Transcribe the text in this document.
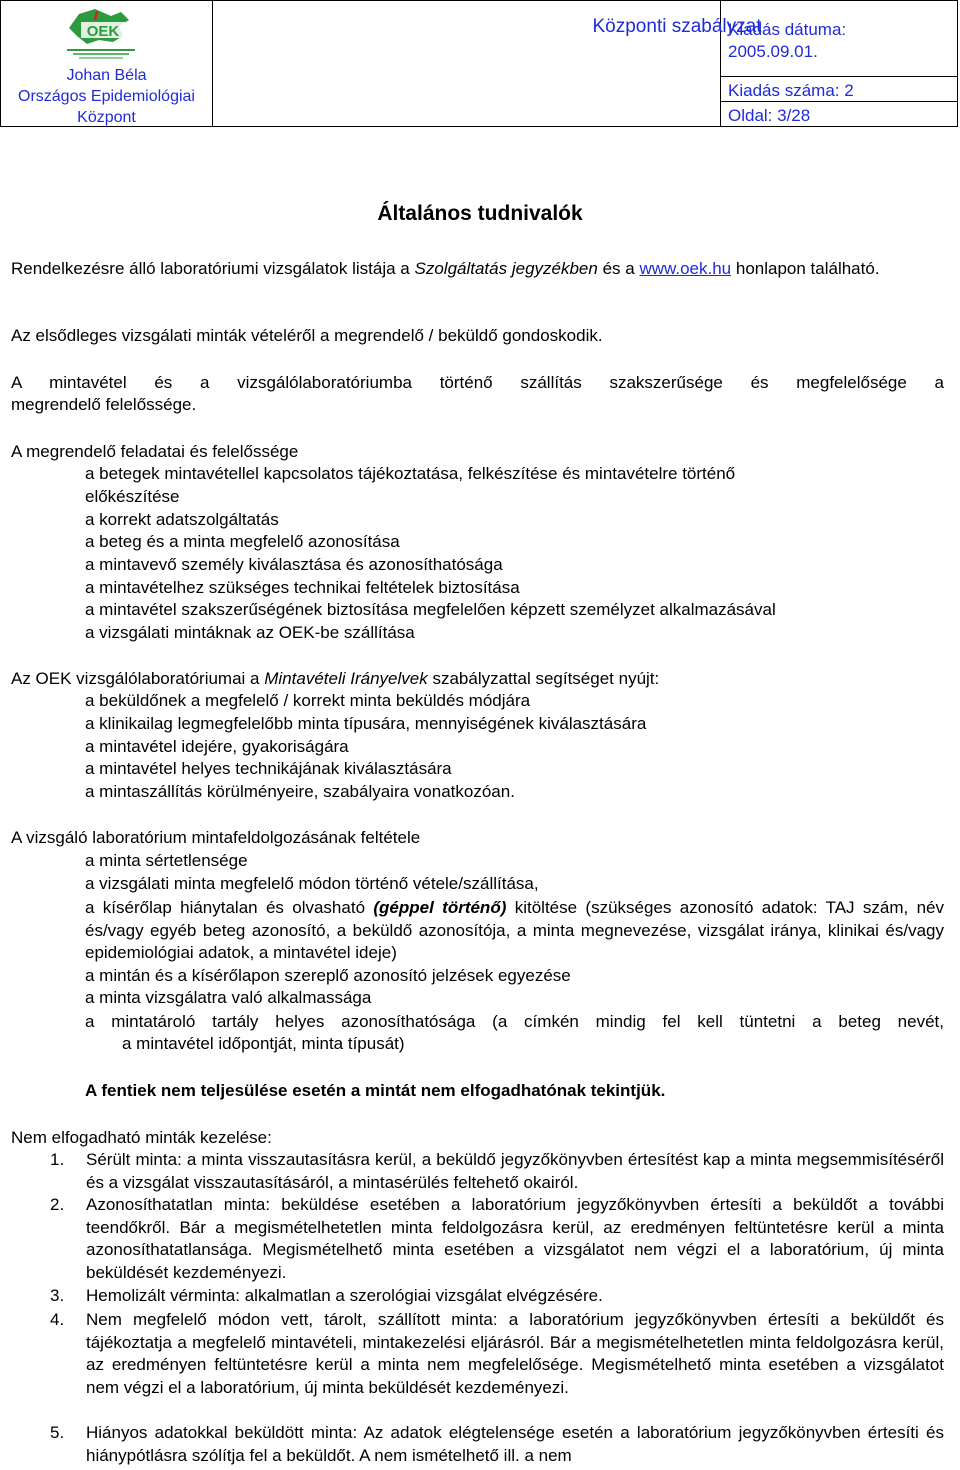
OEK
Johan Béla
Országos Epidemiológiai
Központ
Központi szabályzat
Kiadás dátuma:
2005.09.01.
Kiadás száma: 2
Oldal: 3/28
Általános tudnivalók
Rendelkezésre álló laboratóriumi vizsgálatok listája a Szolgáltatás jegyzékben és a www.oek.hu honlapon található.
Az elsődleges vizsgálati minták vételéről a megrendelő / beküldő gondoskodik.
A mintavétel és a vizsgálólaboratóriumba történő szállítás szakszerűsége és megfelelősége a
megrendelő felelőssége.
A megrendelő feladatai és felelőssége
a betegek mintavétellel kapcsolatos tájékoztatása, felkészítése és mintavételre történő
előkészítése
a korrekt adatszolgáltatás
a beteg és a minta megfelelő azonosítása
a mintavevő személy kiválasztása és azonosíthatósága
a mintavételhez szükséges technikai feltételek biztosítása
a mintavétel szakszerűségének biztosítása megfelelően képzett személyzet alkalmazásával
a vizsgálati mintáknak az OEK-be szállítása
Az OEK vizsgálólaboratóriumai a Mintavételi Irányelvek szabályzattal segítséget nyújt:
a beküldőnek a megfelelő / korrekt minta beküldés módjára
a klinikailag legmegfelelőbb minta típusára, mennyiségének kiválasztására
a mintavétel idejére, gyakoriságára
a mintavétel helyes technikájának kiválasztására
a mintaszállítás körülményeire, szabályaira vonatkozóan.
A vizsgáló laboratórium mintafeldolgozásának feltétele
a minta sértetlensége
a vizsgálati minta megfelelő módon történő vétele/szállítása,
a kísérőlap hiánytalan és olvasható (géppel történő) kitöltése (szükséges azonosító adatok: TAJ szám, név és/vagy egyéb beteg azonosító, a beküldő azonosítója, a minta megnevezése, vizsgálat iránya, klinikai és/vagy epidemiológiai adatok, a mintavétel ideje)
a mintán és a kísérőlapon szereplő azonosító jelzések egyezése
a minta vizsgálatra való alkalmassága
a mintatároló tartály helyes azonosíthatósága (a címkén mindig fel kell tüntetni a beteg nevét,
a mintavétel időpontját, minta típusát)
A fentiek nem teljesülése esetén a mintát nem elfogadhatónak tekintjük.
Nem elfogadható minták kezelése:
1.	Sérült minta: a minta visszautasításra kerül, a beküldő jegyzőkönyvben értesítést kap a minta megsemmisítéséről és a vizsgálat visszautasításáról, a mintasérülés feltehető okairól.
2.	Azonosíthatatlan minta: beküldése esetében a laboratórium jegyzőkönyvben értesíti a beküldőt a további teendőkről. Bár a megismételhetetlen minta feldolgozásra kerül, az eredményen feltüntetésre kerül a minta azonosíthatatlansága. Megismételhető minta esetében a vizsgálatot nem végzi el a laboratórium, új minta beküldését kezdeményezi.
3.	Hemolizált vérminta: alkalmatlan a szerológiai vizsgálat elvégzésére.
4.	Nem megfelelő módon vett, tárolt, szállított minta: a laboratórium jegyzőkönyvben értesíti a beküldőt és tájékoztatja a megfelelő mintavételi, mintakezelési eljárásról. Bár a megismételhetetlen minta feldolgozásra kerül, az eredményen feltüntetésre kerül a minta nem megfelelősége. Megismételhető minta esetében a vizsgálatot nem végzi el a laboratórium, új minta beküldését kezdeményezi.
5.	Hiányos adatokkal beküldött minta: Az adatok elégtelensége esetén a laboratórium jegyzőkönyvben értesíti és hiánypótlásra szólítja fel a beküldőt. A nem ismételhető ill. a nem
